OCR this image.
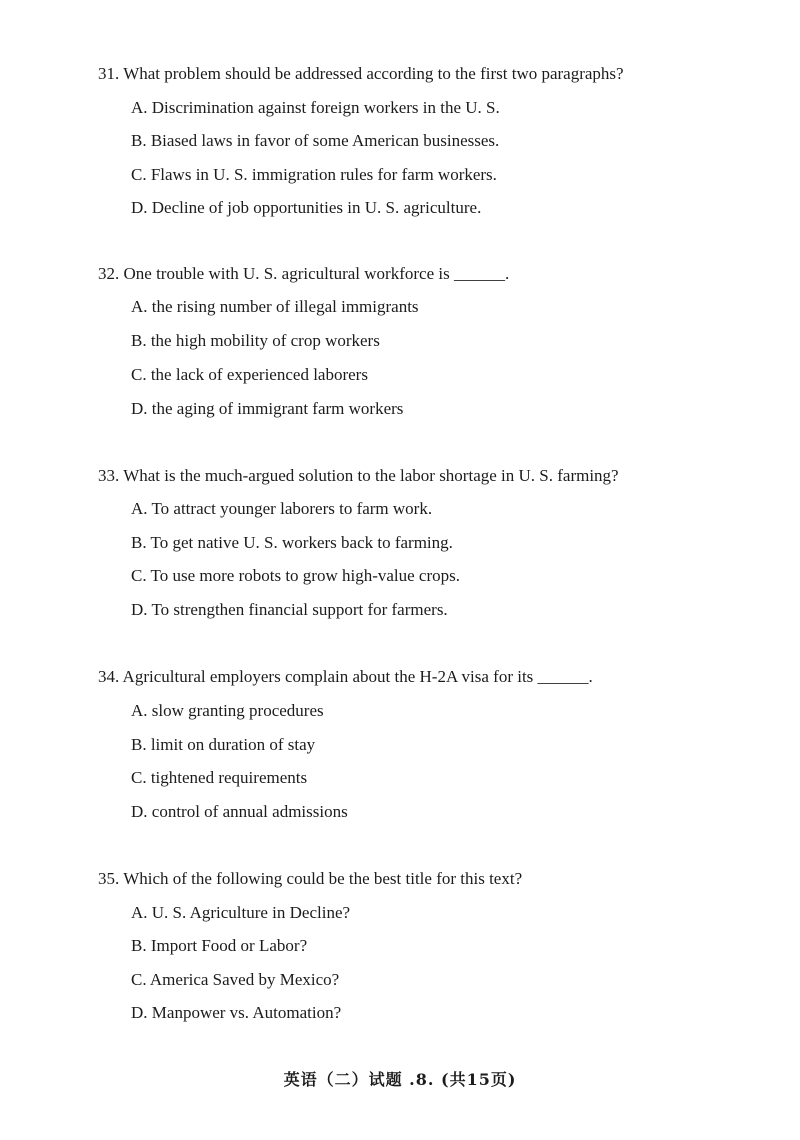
31. What problem should be addressed according to the first two paragraphs?
A. Discrimination against foreign workers in the U. S.
B. Biased laws in favor of some American businesses.
C. Flaws in U. S. immigration rules for farm workers.
D. Decline of job opportunities in U. S. agriculture.
32. One trouble with U. S. agricultural workforce is ______.
A. the rising number of illegal immigrants
B. the high mobility of crop workers
C. the lack of experienced laborers
D. the aging of immigrant farm workers
33. What is the much-argued solution to the labor shortage in U. S. farming?
A. To attract younger laborers to farm work.
B. To get native U. S. workers back to farming.
C. To use more robots to grow high-value crops.
D. To strengthen financial support for farmers.
34. Agricultural employers complain about the H-2A visa for its ______.
A. slow granting procedures
B. limit on duration of stay
C. tightened requirements
D. control of annual admissions
35. Which of the following could be the best title for this text?
A. U. S. Agriculture in Decline?
B. Import Food or Labor?
C. America Saved by Mexico?
D. Manpower vs. Automation?
英语（二）试题 .8. (共15页)
